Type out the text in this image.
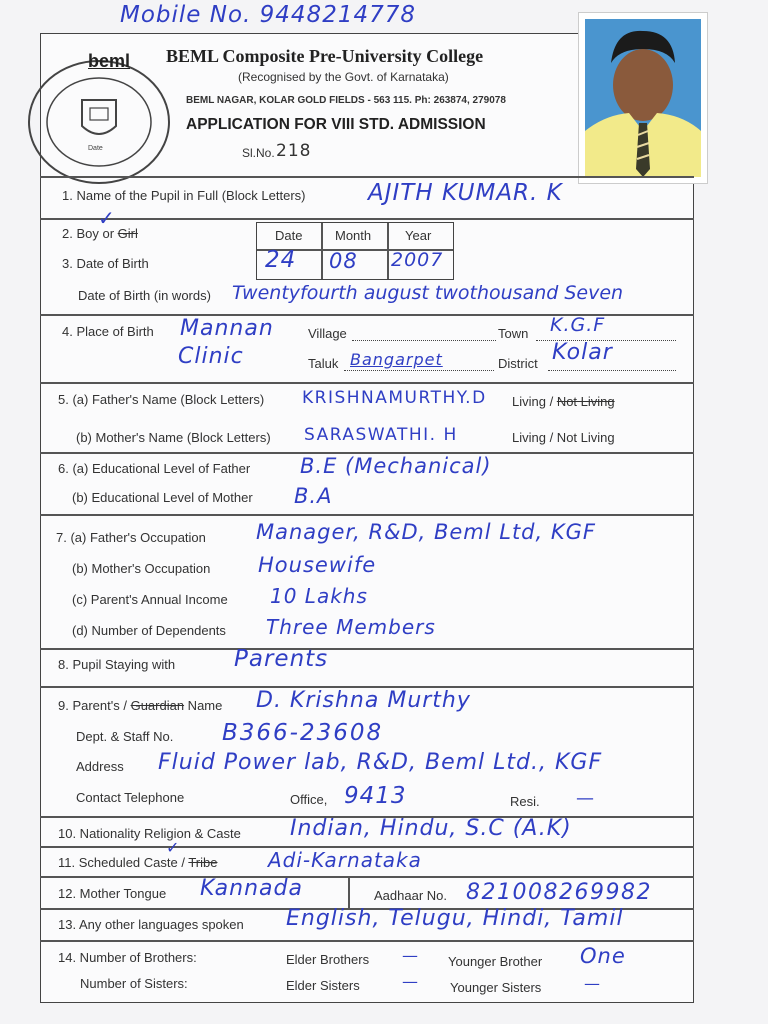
Mobile No. 9448214778
Date
beml BEML Composite Pre-University College
(Recognised by the Govt. of Karnataka)
BEML NAGAR, KOLAR GOLD FIELDS - 563 115. Ph: 263874, 279078
APPLICATION FOR VIII STD. ADMISSION
Sl.No. 218
1. Name of the Pupil in Full (Block Letters)	AJITH KUMAR. K
2. Boy or Girl
✓
3. Date of Birth
Date	Month	Year
24 08 2007
Date of Birth (in words) Twentyfourth august twothousand Seven
4. Place of Birth Mannan
Clinic
Village	Town K.G.F
Taluk Bangarpet	District Kolar
5. (a) Father's Name (Block Letters) KRISHNAMURTHY.D Living / Not Living
(b) Mother's Name (Block Letters) SARASWATHI. H	Living / Not Living
6. (a) Educational Level of Father B.E (Mechanical)
(b) Educational Level of Mother B.A
7. (a) Father's Occupation Manager, R&D, Beml Ltd, KGF
(b) Mother's Occupation Housewife
(c) Parent's Annual Income 10 Lakhs
(d) Number of Dependents Three Members
8. Pupil Staying with	Parents
9. Parent's / Guardian Name D. Krishna Murthy
Dept. & Staff No. B366-23608
Address Fluid Power lab, R&D, Beml Ltd., KGF
Contact Telephone	Office, 9413	Resi. —
10. Nationality Religion & Caste Indian, Hindu, S.C (A.K)
11. Scheduled Caste / Tribe
✓
Adi-Karnataka
12. Mother Tongue Kannada	Aadhaar No. 821008269982
13. Any other languages spoken English, Telugu, Hindi, Tamil
14. Number of Brothers:	Elder Brothers — Younger Brother One
Number of Sisters:	Elder Sisters	— Younger Sisters	—
